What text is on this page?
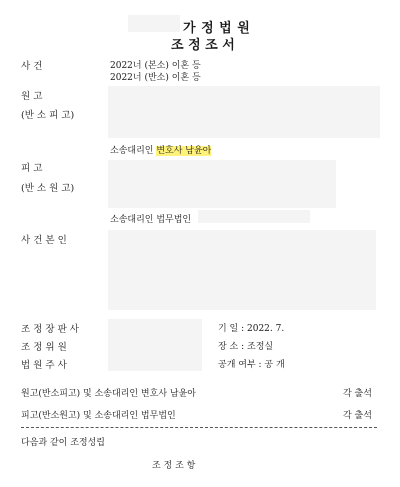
가 정 법 원
조 정 조 서
사 건	2022너 (본소) 이혼 등
2022너 (반소) 이혼 등
원 고
(반 소 피 고)
소송대리인 변호사 남윤아
피 고
(반 소 원 고)
소송대리인 법무법인
사 건 본 인
조 정 장 판 사
조 정 위 원
법 원 주 사
기 일 : 2022. 7.
장 소 : 조정실
공개 여부 : 공 개
원고(반소피고) 및 소송대리인 변호사 남윤아	각 출석
피고(반소원고) 및 소송대리인 법무법인	각 출석
다음과 같이 조정성립
조 정 조 항
